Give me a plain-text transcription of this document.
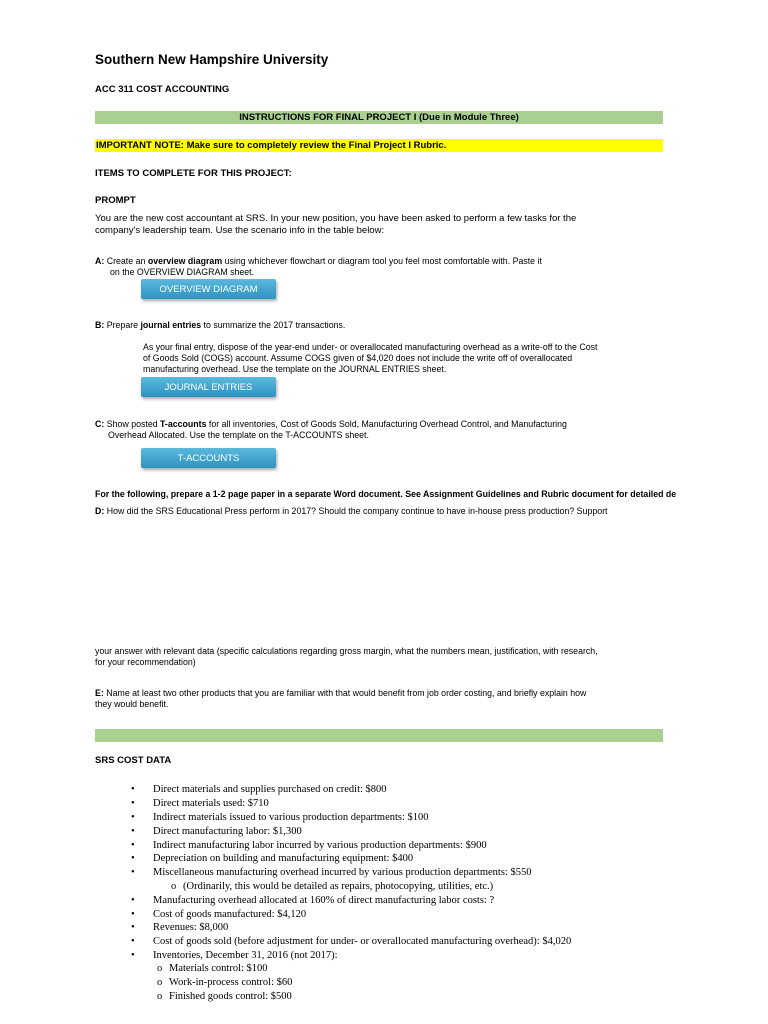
Southern New Hampshire University
ACC 311 COST ACCOUNTING
INSTRUCTIONS FOR FINAL PROJECT I (Due in Module Three)
IMPORTANT NOTE: Make sure to completely review the Final Project I Rubric.
ITEMS TO COMPLETE FOR THIS PROJECT:
PROMPT
You are the new cost accountant at SRS. In your new position, you have been asked to perform a few tasks for the
company's leadership team. Use the scenario info in the table below:
A: Create an overview diagram using whichever flowchart or diagram tool you feel most comfortable with. Paste it
on the OVERVIEW DIAGRAM sheet.
OVERVIEW DIAGRAM
B: Prepare journal entries to summarize the 2017 transactions.
As your final entry, dispose of the year-end under- or overallocated manufacturing overhead as a write-off to the Cost
of Goods Sold (COGS) account. Assume COGS given of $4,020 does not include the write off of overallocated
manufacturing overhead. Use the template on the JOURNAL ENTRIES sheet.
JOURNAL ENTRIES
C: Show posted T-accounts for all inventories, Cost of Goods Sold, Manufacturing Overhead Control, and Manufacturing
Overhead Allocated. Use the template on the T-ACCOUNTS sheet.
T-ACCOUNTS
For the following, prepare a 1-2 page paper in a separate Word document. See Assignment Guidelines and Rubric document for detailed de
D: How did the SRS Educational Press perform in 2017? Should the company continue to have in-house press production? Support
your answer with relevant data (specific calculations regarding gross margin, what the numbers mean, justification, with research,
for your recommendation)
E: Name at least two other products that you are familiar with that would benefit from job order costing, and briefly explain how
they would benefit.
SRS COST DATA
• Direct materials and supplies purchased on credit: $800
• Direct materials used: $710
• Indirect materials issued to various production departments: $100
• Direct manufacturing labor: $1,300
• Indirect manufacturing labor incurred by various production departments: $900
• Depreciation on building and manufacturing equipment: $400
• Miscellaneous manufacturing overhead incurred by various production departments: $550
o (Ordinarily, this would be detailed as repairs, photocopying, utilities, etc.)
• Manufacturing overhead allocated at 160% of direct manufacturing labor costs: ?
• Cost of goods manufactured: $4,120
• Revenues: $8,000
• Cost of goods sold (before adjustment for under- or overallocated manufacturing overhead): $4,020
• Inventories, December 31, 2016 (not 2017):
o Materials control: $100
o Work-in-process control: $60
o Finished goods control: $500
